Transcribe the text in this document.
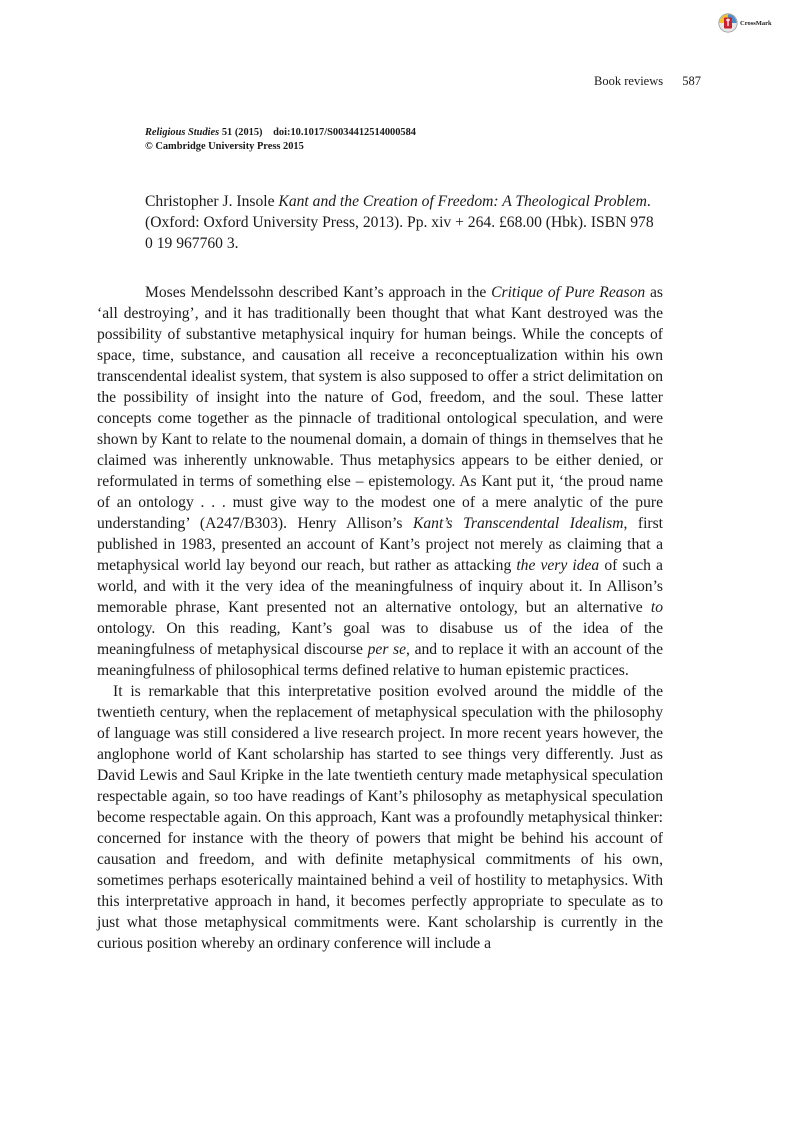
CrossMark
Book reviews 587
Religious Studies 51 (2015) doi:10.1017/S0034412514000584
© Cambridge University Press 2015
Christopher J. Insole Kant and the Creation of Freedom: A Theological Problem. (Oxford: Oxford University Press, 2013). Pp. xiv + 264. £68.00 (Hbk). ISBN 978 0 19 967760 3.

Moses Mendelssohn described Kant’s approach in the Critique of Pure Reason as ‘all destroying’, and it has traditionally been thought that what Kant destroyed was the possibility of substantive metaphysical inquiry for human beings. While the concepts of space, time, substance, and causation all receive a reconceptualization within his own transcendental idealist system, that system is also supposed to offer a strict delimitation on the possibility of insight into the nature of God, freedom, and the soul. These latter concepts come together as the pinnacle of traditional ontological speculation, and were shown by Kant to relate to the noumenal domain, a domain of things in themselves that he claimed was inherently unknowable. Thus metaphysics appears to be either denied, or reformulated in terms of something else – epistemology. As Kant put it, ‘the proud name of an ontology . . . must give way to the modest one of a mere analytic of the pure understanding’ (A247/B303). Henry Allison’s Kant’s Transcendental Idealism, first published in 1983, presented an account of Kant’s project not merely as claiming that a metaphysical world lay beyond our reach, but rather as attacking the very idea of such a world, and with it the very idea of the meaningfulness of inquiry about it. In Allison’s memorable phrase, Kant presented not an alternative ontology, but an alternative to ontology. On this reading, Kant’s goal was to disabuse us of the idea of the meaningfulness of metaphysical discourse per se, and to replace it with an account of the meaningfulness of philosophical terms defined relative to human epistemic practices.

It is remarkable that this interpretative position evolved around the middle of the twentieth century, when the replacement of metaphysical speculation with the philosophy of language was still considered a live research project. In more recent years however, the anglophone world of Kant scholarship has started to see things very differently. Just as David Lewis and Saul Kripke in the late twentieth century made metaphysical speculation respectable again, so too have readings of Kant’s philosophy as metaphysical speculation become respectable again. On this approach, Kant was a profoundly metaphysical thinker: concerned for instance with the theory of powers that might be behind his account of causation and freedom, and with definite metaphysical commitments of his own, sometimes perhaps esoterically maintained behind a veil of hostility to metaphysics. With this interpretative approach in hand, it becomes perfectly appropriate to speculate as to just what those metaphysical commitments were. Kant scholarship is currently in the curious position whereby an ordinary conference will include a
